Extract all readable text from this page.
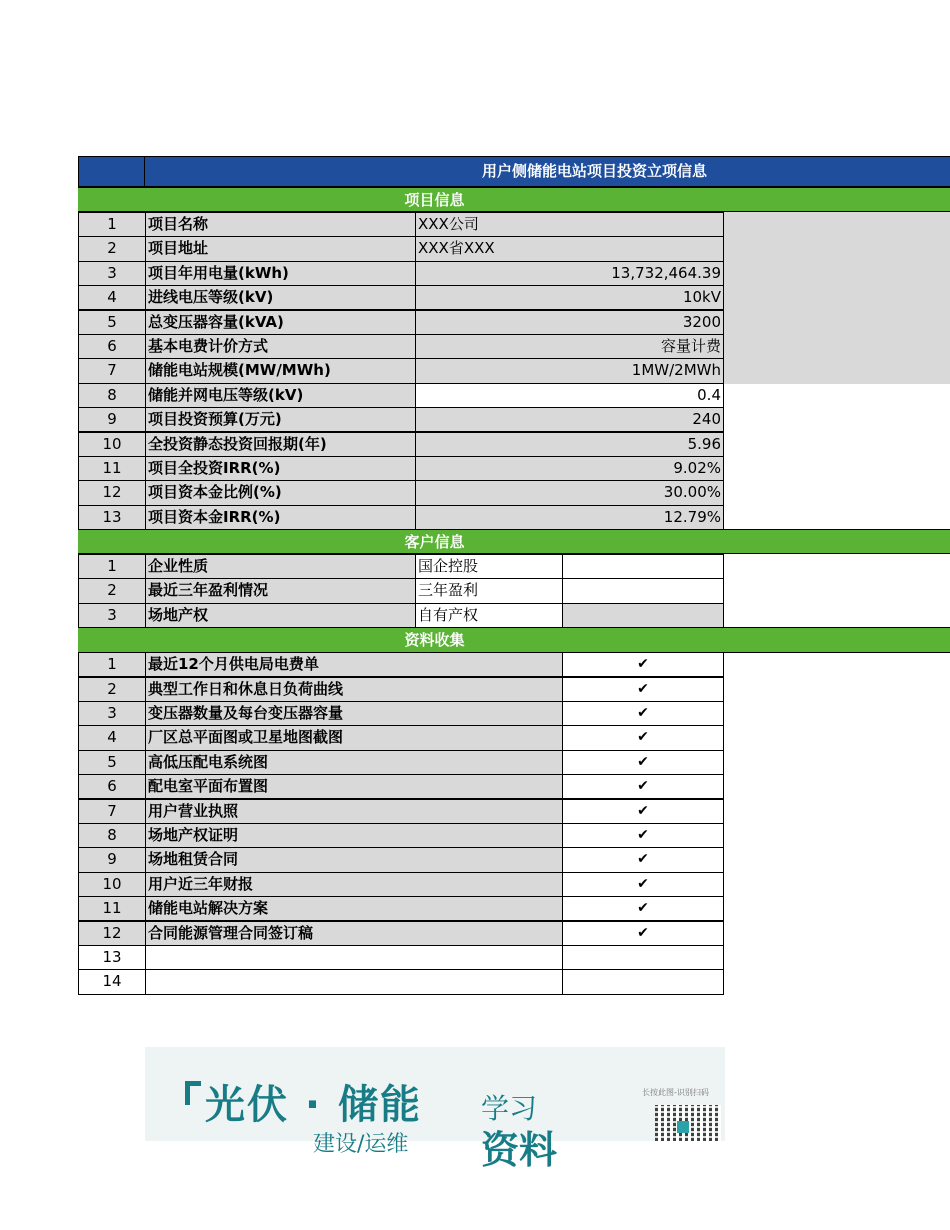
用户侧储能电站项目投资立项信息
项目信息
1	项目名称	XXX公司
2	项目地址	XXX省XXX
3	项目年用电量(kWh)	13,732,464.39
4	进线电压等级(kV)	10kV
5	总变压器容量(kVA)	3200
6	基本电费计价方式	容量计费
7	储能电站规模(MW/MWh)	1MW/2MWh
8	储能并网电压等级(kV)	0.4
9	项目投资预算(万元)	240
10	全投资静态投资回报期(年)	5.96
11	项目全投资IRR(%)	9.02%
12	项目资本金比例(%)	30.00%
13	项目资本金IRR(%)	12.79%
客户信息
1	企业性质	国企控股
2	最近三年盈利情况	三年盈利
3	场地产权	自有产权
资料收集
1	最近12个月供电局电费单	✔
2	典型工作日和休息日负荷曲线	✔
3	变压器数量及每台变压器容量	✔
4	厂区总平面图或卫星地图截图	✔
5	高低压配电系统图	✔
6	配电室平面布置图	✔
7	用户营业执照	✔
8	场地产权证明	✔
9	场地租赁合同	✔
10	用户近三年财报	✔
11	储能电站解决方案	✔
12	合同能源管理合同签订稿	✔
13
14
光伏 · 储能 学习
建设/运维 资料
长按此图-识别扫码
